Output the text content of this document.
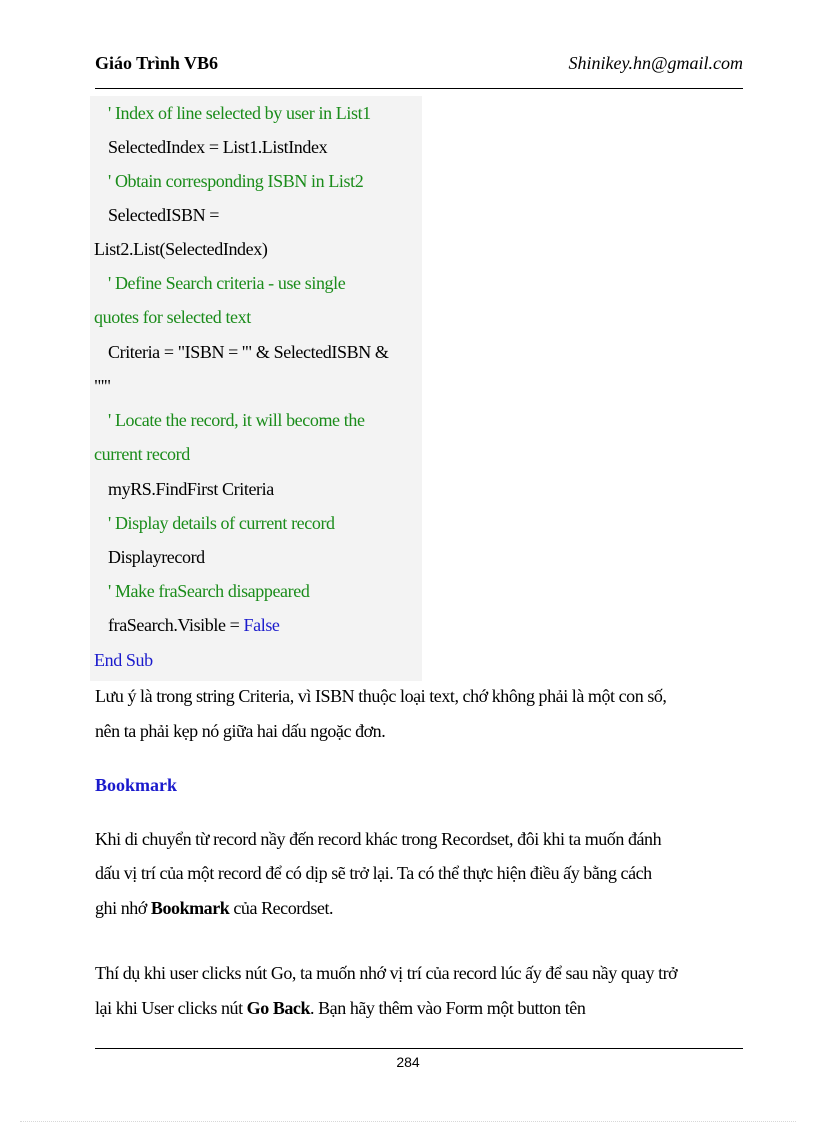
Giáo Trình VB6	Shinikey.hn@gmail.com
' Index of line selected by user in List1
SelectedIndex = List1.ListIndex
' Obtain corresponding ISBN in List2
SelectedISBN =
List2.List(SelectedIndex)
' Define Search criteria - use single
quotes for selected text
Criteria = "ISBN = '" & SelectedISBN &
"'"
' Locate the record, it will become the
current record
myRS.FindFirst Criteria
' Display details of current record
Displayrecord
' Make fraSearch disappeared
fraSearch.Visible = False
End Sub
Lưu ý là trong string Criteria, vì ISBN thuộc loại text, chớ không phải là một con số,
nên ta phải kẹp nó giữa hai dấu ngoặc đơn.
Bookmark
Khi di chuyển từ record nầy đến record khác trong Recordset, đôi khi ta muốn đánh
dấu vị trí của một record để có dịp sẽ trở lại. Ta có thể thực hiện điều ấy bằng cách
ghi nhớ Bookmark của Recordset.
Thí dụ khi user clicks nút Go, ta muốn nhớ vị trí của record lúc ấy để sau nầy quay trở
lại khi User clicks nút Go Back. Bạn hãy thêm vào Form một button tên
284
